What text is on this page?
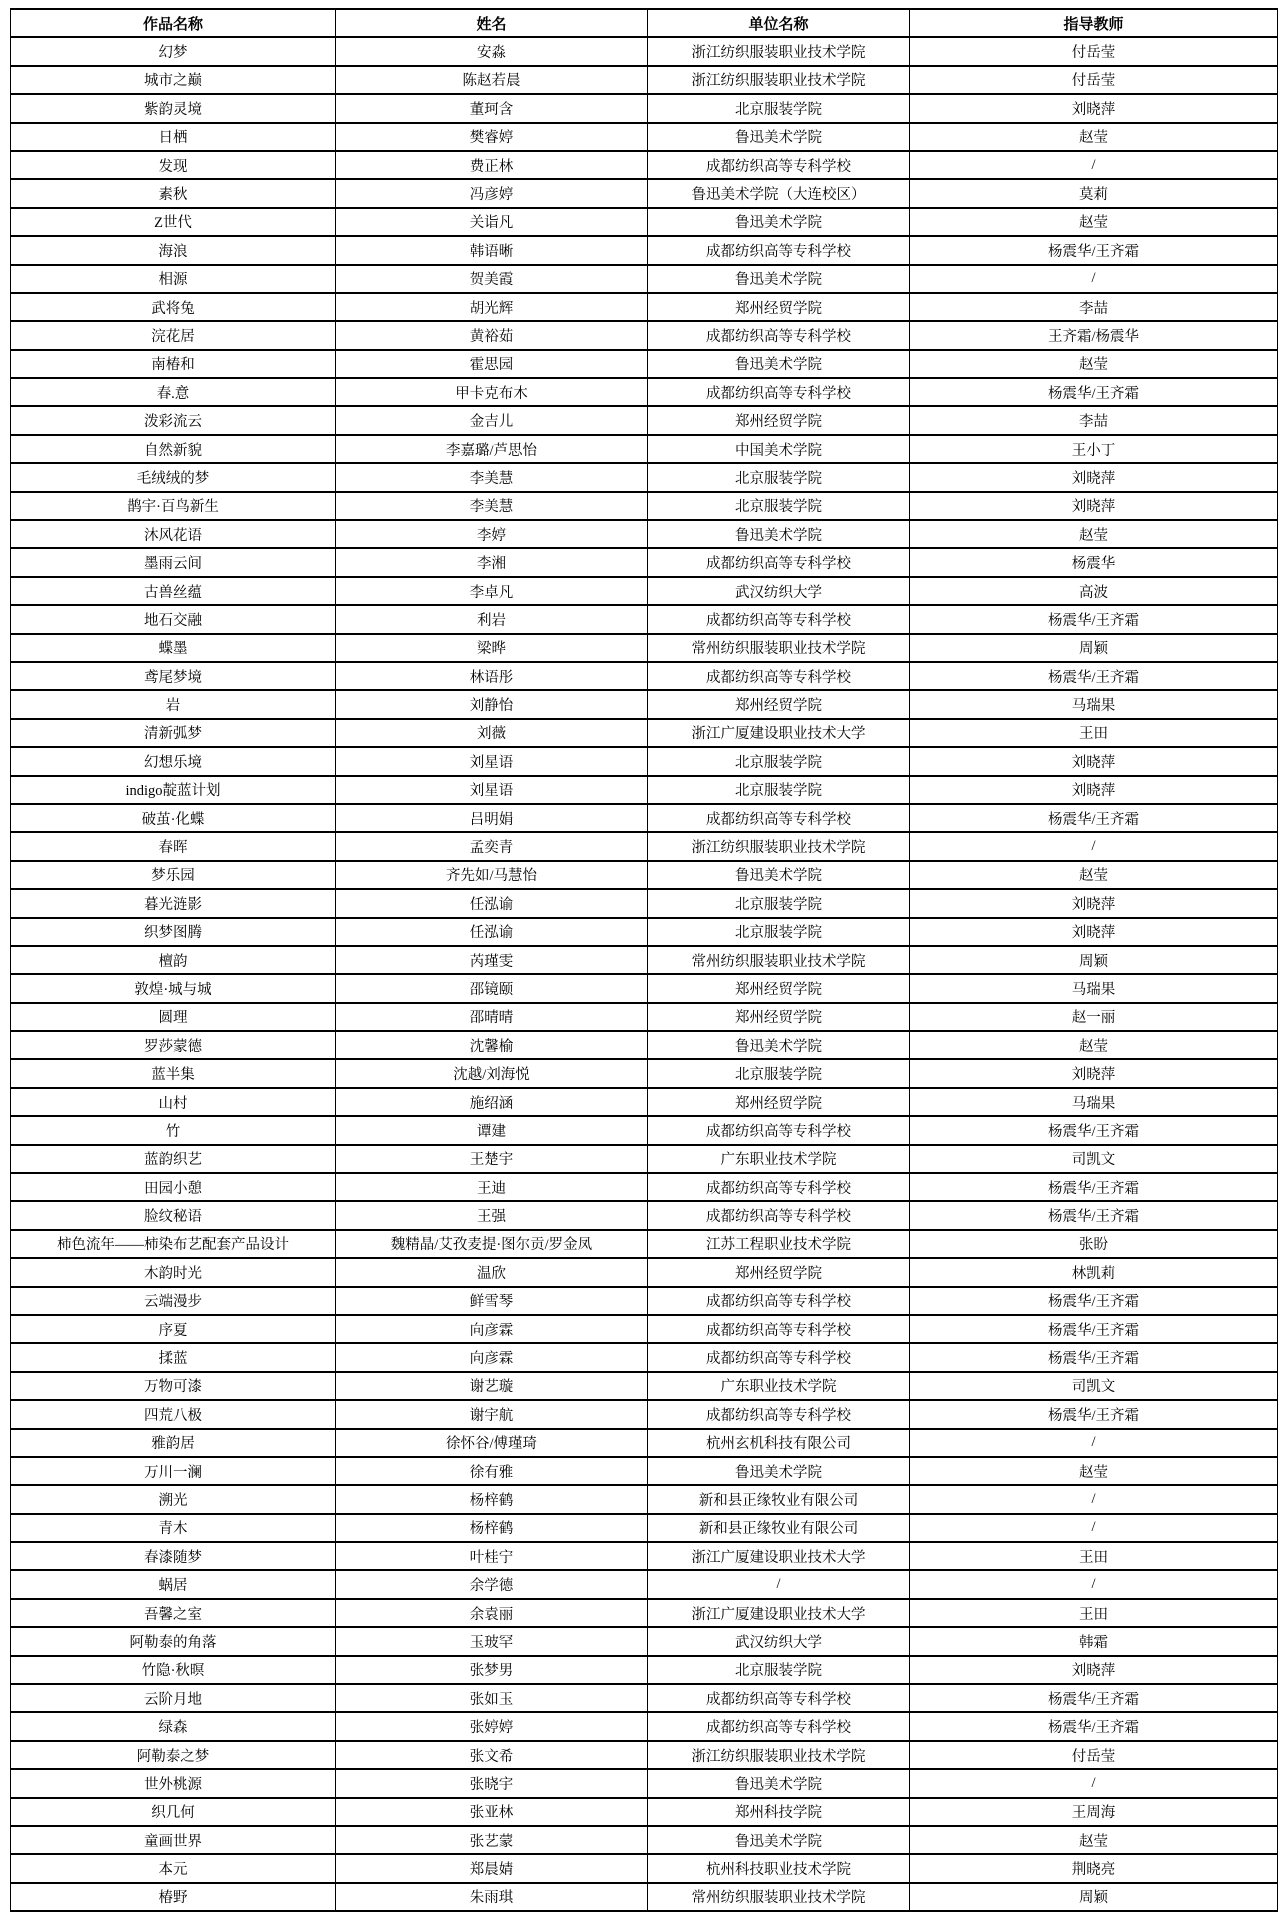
作品名称	姓名	单位名称	指导教师
幻梦	安淼	浙江纺织服装职业技术学院	付岳莹
城市之巅	陈赵若晨	浙江纺织服装职业技术学院	付岳莹
紫韵灵境	董珂含	北京服装学院	刘晓萍
日栖	樊睿婷	鲁迅美术学院	赵莹
发现	费正林	成都纺织高等专科学校	/
素秋	冯彦婷	鲁迅美术学院（大连校区）	莫莉
Z世代	关诣凡	鲁迅美术学院	赵莹
海浪	韩语晰	成都纺织高等专科学校	杨震华/王齐霜
相源	贺美霞	鲁迅美术学院	/
武将兔	胡光辉	郑州经贸学院	李喆
浣花居	黄裕茹	成都纺织高等专科学校	王齐霜/杨震华
南椿和	霍思园	鲁迅美术学院	赵莹
春.意	甲卡克布木	成都纺织高等专科学校	杨震华/王齐霜
泼彩流云	金吉儿	郑州经贸学院	李喆
自然新貌	李嘉璐/芦思怡	中国美术学院	王小丁
毛绒绒的梦	李美慧	北京服装学院	刘晓萍
鹊宇·百鸟新生	李美慧	北京服装学院	刘晓萍
沐风花语	李婷	鲁迅美术学院	赵莹
墨雨云间	李湘	成都纺织高等专科学校	杨震华
古兽丝蕴	李卓凡	武汉纺织大学	高波
地石交融	利岩	成都纺织高等专科学校	杨震华/王齐霜
蝶墨	梁晔	常州纺织服装职业技术学院	周颖
鸢尾梦境	林语彤	成都纺织高等专科学校	杨震华/王齐霜
岩	刘静怡	郑州经贸学院	马瑞果
清新弧梦	刘薇	浙江广厦建设职业技术大学	王田
幻想乐境	刘星语	北京服装学院	刘晓萍
indigo靛蓝计划	刘星语	北京服装学院	刘晓萍
破茧·化蝶	吕明娟	成都纺织高等专科学校	杨震华/王齐霜
春晖	孟奕青	浙江纺织服装职业技术学院	/
梦乐园	齐先如/马慧怡	鲁迅美术学院	赵莹
暮光涟影	任泓谕	北京服装学院	刘晓萍
织梦图腾	任泓谕	北京服装学院	刘晓萍
檀韵	芮瑾雯	常州纺织服装职业技术学院	周颖
敦煌·城与城	邵镜颐	郑州经贸学院	马瑞果
圆理	邵晴晴	郑州经贸学院	赵一丽
罗莎蒙德	沈馨榆	鲁迅美术学院	赵莹
蓝半集	沈越/刘海悦	北京服装学院	刘晓萍
山村	施绍涵	郑州经贸学院	马瑞果
竹	谭建	成都纺织高等专科学校	杨震华/王齐霜
蓝韵织艺	王楚宇	广东职业技术学院	司凯文
田园小憩	王迪	成都纺织高等专科学校	杨震华/王齐霜
脸纹秘语	王强	成都纺织高等专科学校	杨震华/王齐霜
柿色流年——柿染布艺配套产品设计	魏精晶/艾孜麦提·图尔贡/罗金凤	江苏工程职业技术学院	张盼
木韵时光	温欣	郑州经贸学院	林凯莉
云端漫步	鲜雪琴	成都纺织高等专科学校	杨震华/王齐霜
序夏	向彦霖	成都纺织高等专科学校	杨震华/王齐霜
揉蓝	向彦霖	成都纺织高等专科学校	杨震华/王齐霜
万物可漆	谢艺璇	广东职业技术学院	司凯文
四荒八极	谢宇航	成都纺织高等专科学校	杨震华/王齐霜
雅韵居	徐怀谷/傅瑾琦	杭州玄机科技有限公司	/
万川一澜	徐有雅	鲁迅美术学院	赵莹
溯光	杨梓鹤	新和县正缘牧业有限公司	/
青木	杨梓鹤	新和县正缘牧业有限公司	/
春漆随梦	叶桂宁	浙江广厦建设职业技术大学	王田
蜗居	余学德	/	/
吾馨之室	余袁丽	浙江广厦建设职业技术大学	王田
阿勒泰的角落	玉玻罕	武汉纺织大学	韩霜
竹隐·秋暝	张梦男	北京服装学院	刘晓萍
云阶月地	张如玉	成都纺织高等专科学校	杨震华/王齐霜
绿森	张婷婷	成都纺织高等专科学校	杨震华/王齐霜
阿勒泰之梦	张文希	浙江纺织服装职业技术学院	付岳莹
世外桃源	张晓宇	鲁迅美术学院	/
织几何	张亚林	郑州科技学院	王周海
童画世界	张艺蒙	鲁迅美术学院	赵莹
本元	郑晨婧	杭州科技职业技术学院	荆晓亮
椿野	朱雨琪	常州纺织服装职业技术学院	周颖
